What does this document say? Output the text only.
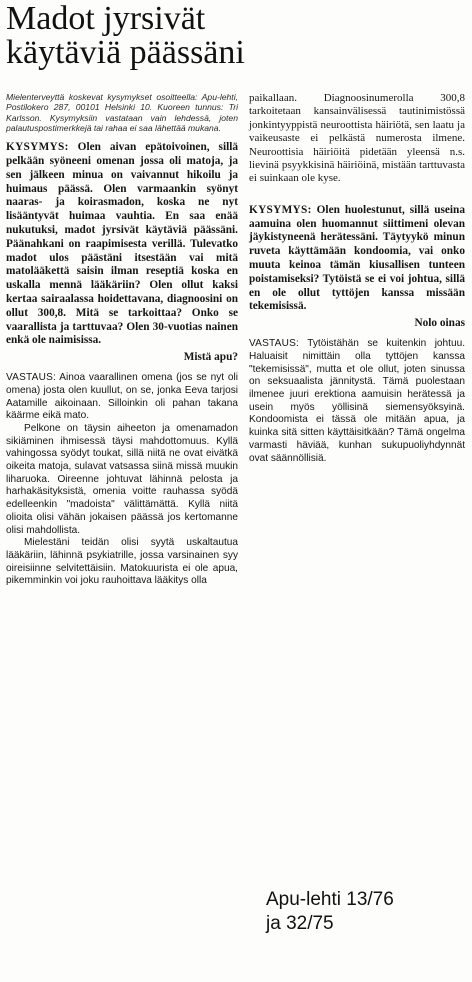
Madot jyrsivät
käytäviä päässäni

Mielenterveyttä koskevat kysymykset osoitteella: Apu-lehti, Postilokero 287, 00101 Helsinki 10. Kuoreen tunnus: Tri Karlsson. Kysymyksiin vastataan vain lehdessä, joten palautuspostimerkkejä tai rahaa ei saa lähettää mukana.

KYSYMYS: Olen aivan epätoivoinen, sillä pelkään syöneeni omenan jossa oli matoja, ja sen jälkeen minua on vaivannut hikoilu ja huimaus päässä. Olen varmaankin syönyt naaras- ja koirasmadon, koska ne nyt lisääntyvät huimaa vauhtia. En saa enää nukutuksi, madot jyrsivät käytäviä päässäni. Päänahkani on raapimisesta verillä. Tulevatko madot ulos päästäni itsestään vai mitä matolääkettä saisin ilman reseptiä koska en uskalla mennä lääkäriin? Olen ollut kaksi kertaa sairaalassa hoidettavana, diagnoosini on ollut 300,8. Mitä se tarkoittaa? Onko se vaarallista ja tarttuvaa? Olen 30-vuotias nainen enkä ole naimisissa.

Mistä apu?

VASTAUS: Ainoa vaarallinen omena (jos se nyt oli omena) josta olen kuullut, on se, jonka Eeva tarjosi Aatamille aikoinaan. Silloinkin oli pahan takana käärme eikä mato.

Pelkone on täysin aiheeton ja omenamadon sikiäminen ihmisessä täysi mahdottomuus. Kyllä vahingossa syödyt toukat, sillä niitä ne ovat eivätkä oikeita matoja, sulavat vatsassa siinä missä muukin liharuoka. Oireenne johtuvat lähinnä pelosta ja harhakäsityksistä, omenia voitte rauhassa syödä edelleenkin "madoista" välittämättä. Kyllä niitä olioita olisi vähän jokaisen päässä jos kertomanne olisi mahdollista.

Mielestäni teidän olisi syytä uskaltautua lääkäriin, lähinnä psykiatrille, jossa varsinainen syy oireisiinne selvitettäisiin. Matokuurista ei ole apua, pikemminkin voi joku rauhoittava lääkitys olla

paikallaan. Diagnoosinumerolla 300,8 tarkoitetaan kansainvälisessä tautinimistössä jonkintyyppistä neuroottista häiriötä, sen laatu ja vaikeusaste ei pelkästä numerosta ilmene. Neuroottisia häiriöitä pidetään yleensä n.s. lievinä psyykkisinä häiriöinä, mistään tarttuvasta ei suinkaan ole kyse.

KYSYMYS: Olen huolestunut, sillä useina aamuina olen huomannut siittimeni olevan jäykistyneenä herätessäni. Täytyykö minun ruveta käyttämään kondoomia, vai onko muuta keinoa tämän kiusallisen tunteen poistamiseksi? Tytöistä se ei voi johtua, sillä en ole ollut tyttöjen kanssa missään tekemisissä.

Nolo oinas

VASTAUS: Tytöistähän se kuitenkin johtuu. Haluaisit nimittäin olla tyttöjen kanssa "tekemisissä", mutta et ole ollut, joten sinussa on seksuaalista jännitystä. Tämä puolestaan ilmenee juuri erektiona aamuisin herätessä ja usein myös yöllisinä siemensyöksyinä. Kondoomista ei tässä ole mitään apua, ja kuinka sitä sitten käyttäisitkään? Tämä ongelma varmasti häviää, kunhan sukupuoliyhdynnät ovat säännöllisiä.

Apu-lehti 13/76
ja 32/75
